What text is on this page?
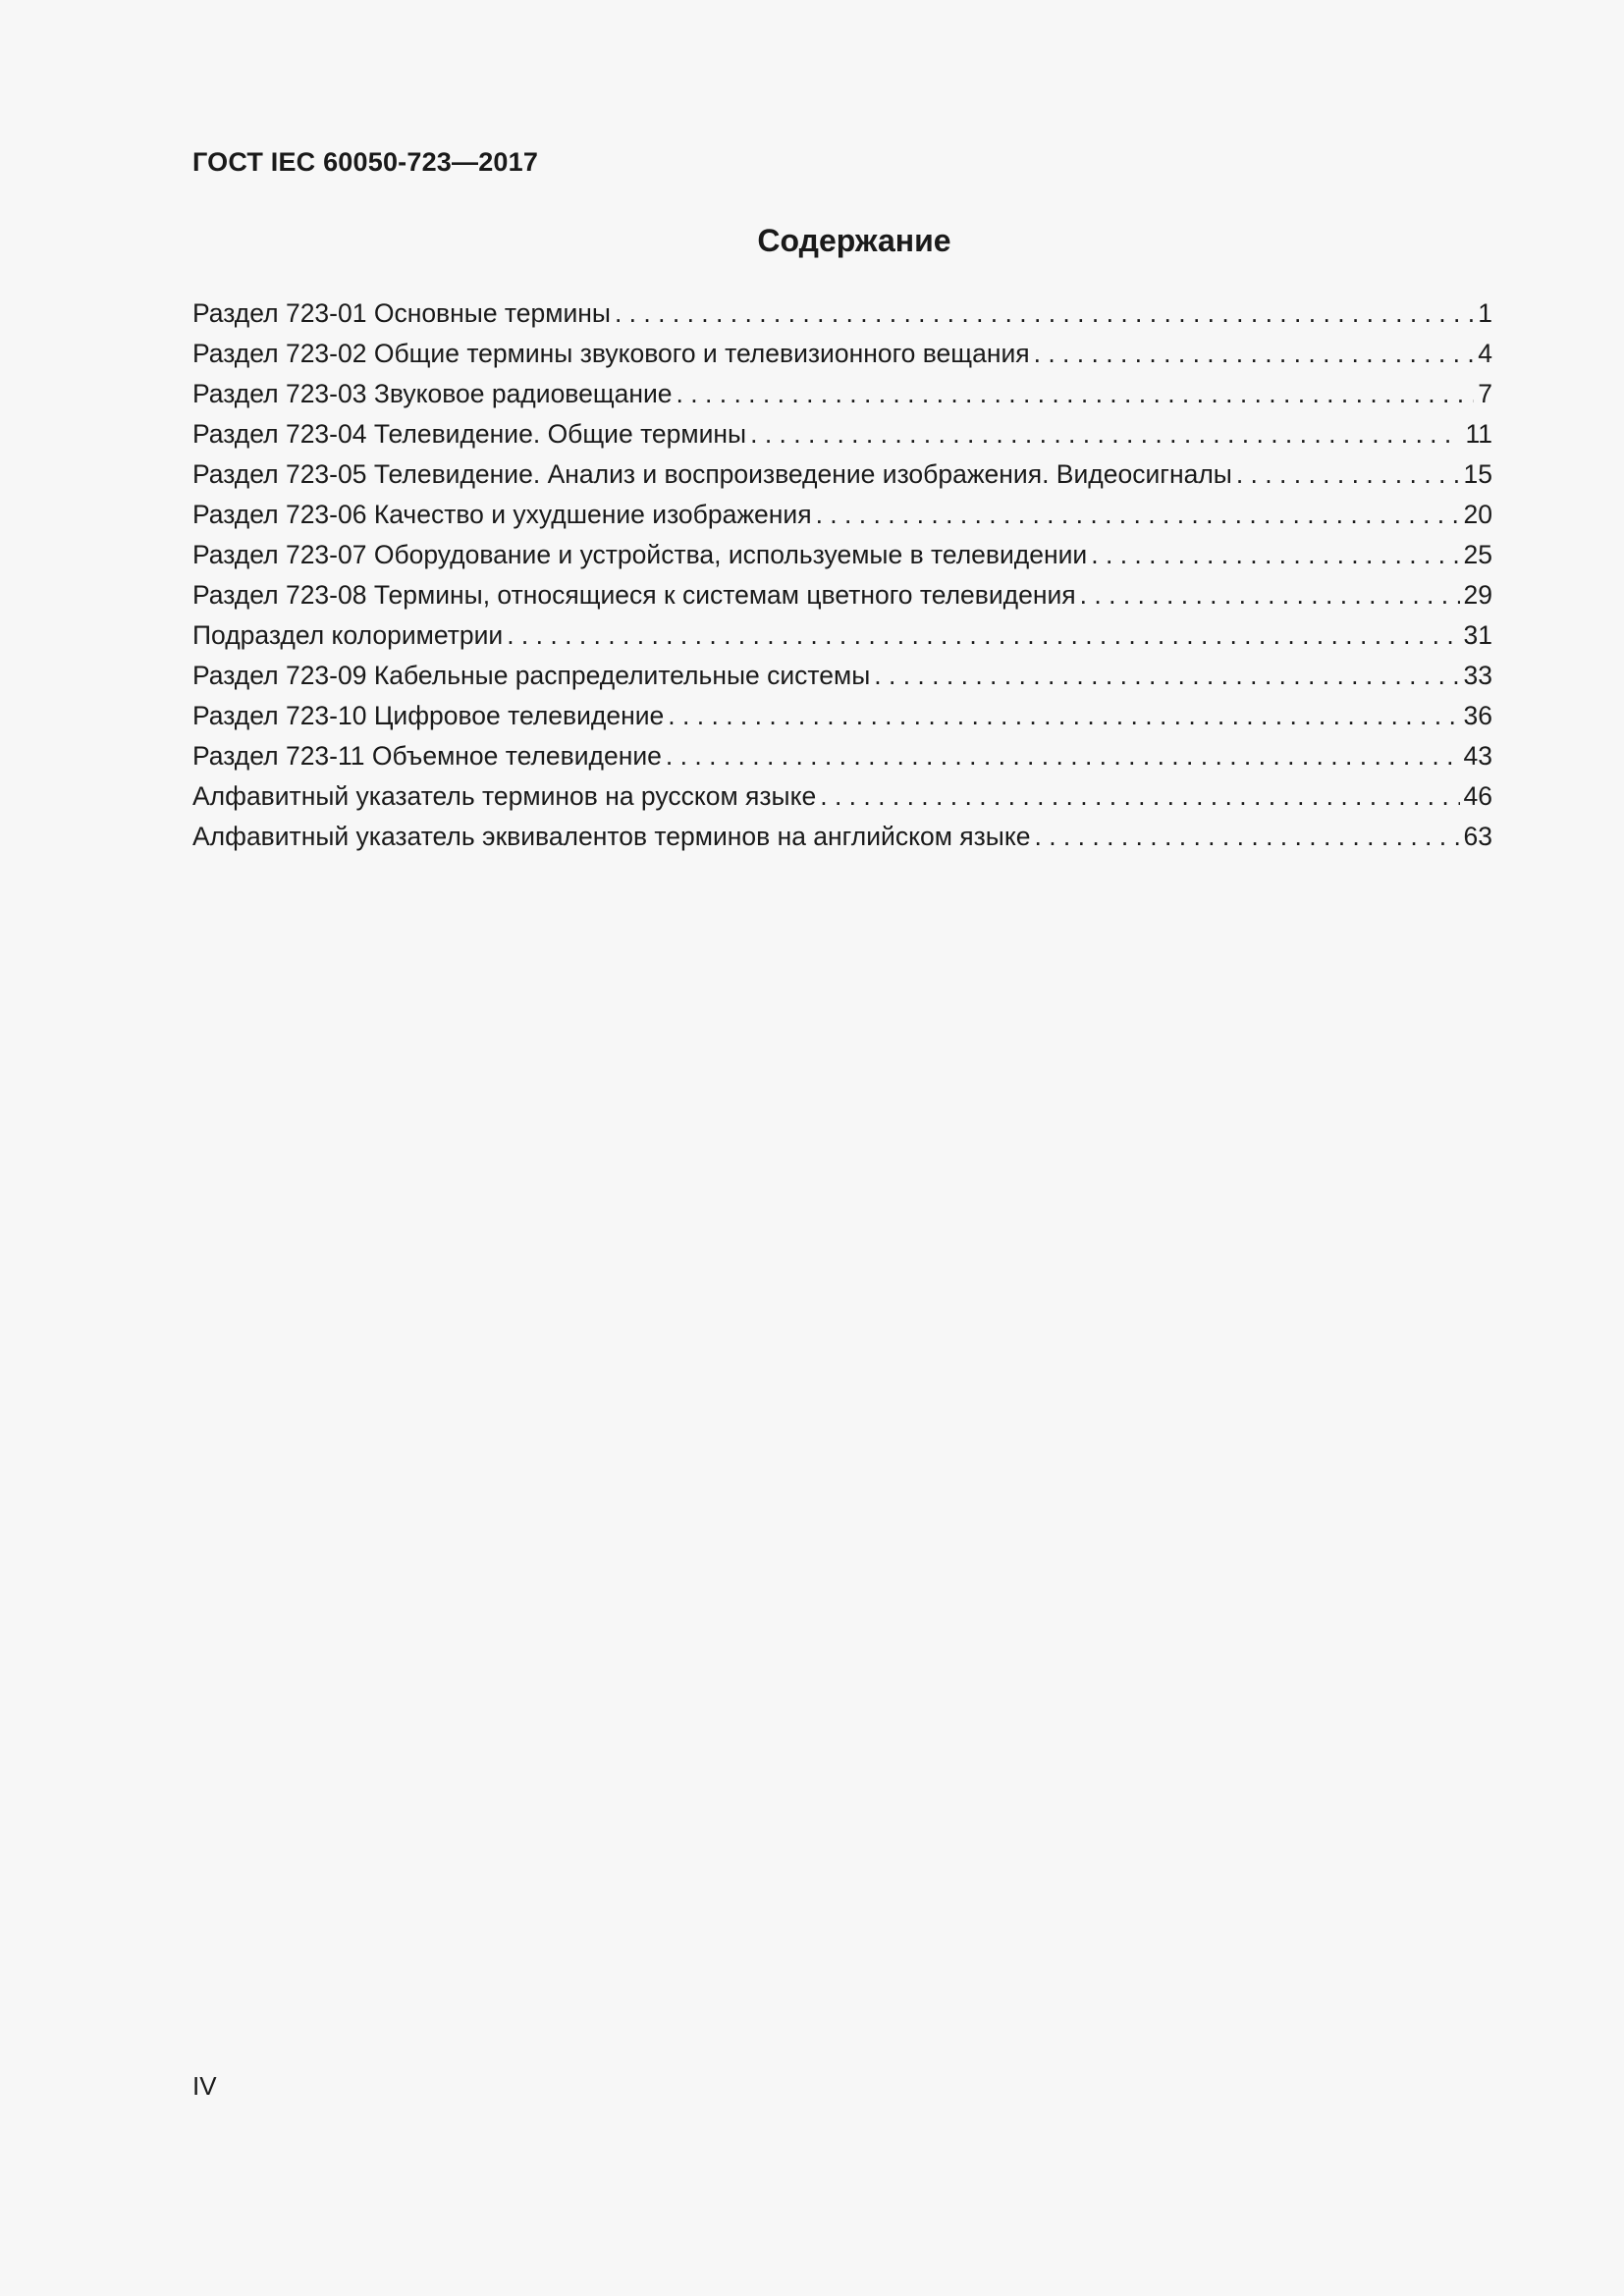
ГОСТ IEC 60050-723—2017
Содержание
Раздел 723-01 Основные термины . . .	1
Раздел 723-02 Общие термины звукового и телевизионного вещания . . .	4
Раздел 723-03 Звуковое радиовещание . . .	7
Раздел 723-04 Телевидение. Общие термины . . .	11
Раздел 723-05 Телевидение. Анализ и воспроизведение изображения. Видеосигналы . . .	15
Раздел 723-06 Качество и ухудшение изображения . . .	20
Раздел 723-07 Оборудование и устройства, используемые в телевидении . . .	25
Раздел 723-08 Термины, относящиеся к системам цветного телевидения . . .	29
Подраздел колориметрии . . .	31
Раздел 723-09 Кабельные распределительные системы . . .	33
Раздел 723-10 Цифровое телевидение . . .	36
Раздел 723-11 Объемное телевидение . . .	43
Алфавитный указатель терминов на русском языке . . .	46
Алфавитный указатель эквивалентов терминов на английском языке . . .	63
IV
